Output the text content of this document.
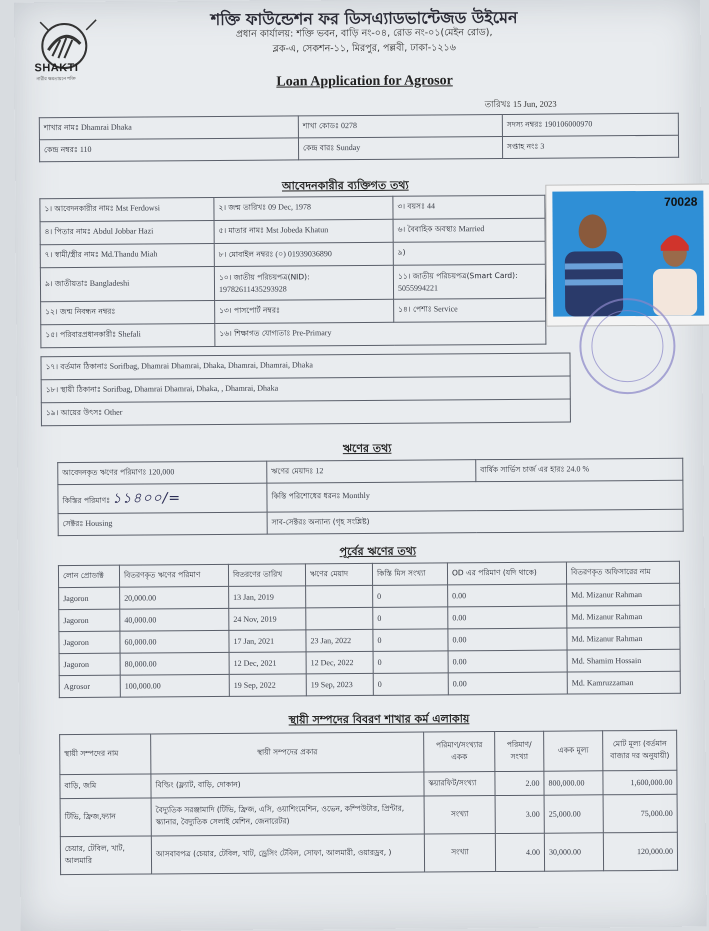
SHAKTI
নারীর ক্ষমতায়নে শক্তি
শক্তি ফাউন্ডেশন ফর ডিসএ্যাডভান্টেজড উইমেন
প্রধান কার্যালয়: শক্তি ভবন, বাড়ি নং-০৪, রোড নং-০১(মেইন রোড),
ব্লক-এ, সেকশন-১১, মিরপুর, পল্লবী, ঢাকা-১২১৬
Loan Application for Agrosor
তারিখঃ 15 Jun, 2023
শাখার নামঃ Dhamrai Dhaka	শাখা কোডঃ 0278	সদস্য নম্বরঃ 190106000970
কেন্দ্র নম্বরঃ 110	কেন্দ্র বারঃ Sunday	সপ্তাহ নংঃ 3
আবেদনকারীর ব্যক্তিগত তথ্য
১। আবেদনকারীর নামঃ Mst Ferdowsi	২। জন্ম তারিখঃ 09 Dec, 1978	৩। বয়সঃ 44
৪। পিতার নামঃ Abdul Jobbar Hazi	৫। মাতার নামঃ Mst Jobeda Khatun	৬। বৈবাহিক অবস্থাঃ Married
৭। স্বামী/স্ত্রীর নামঃ Md.Thandu Miah	৮। মোবাইল নম্বরঃ (০) 01939036890	৯)
৯। জাতীয়তাঃ Bangladeshi	১০। জাতীয় পরিচয়পত্র(NID):
19782611435293928	১১। জাতীয় পরিচয়পত্র(Smart Card):
5055994221
১২। জন্ম নিবন্ধন নম্বরঃ	১৩। পাসপোর্ট নম্বরঃ	১৪। পেশাঃ Service
১৫। পরিবারপ্রধানকারীঃ Shefali	১৬। শিক্ষাগত যোগ্যতাঃ Pre-Primary	
১৭। বর্তমান ঠিকানাঃ Sorifbag, Dhamrai Dhamrai, Dhaka, Dhamrai, Dhamrai, Dhaka
১৮। স্থায়ী ঠিকানাঃ Sorifbag, Dhamrai Dhamrai, Dhaka, , Dhamrai, Dhaka
১৯। আয়ের উৎসঃ Other
70028
ঋণের তথ্য
আবেদনকৃত ঋণের পরিমাণঃ 120,000	ঋণের মেয়াদঃ 12	বার্ষিক সার্ভিস চার্জ এর হারঃ 24.0 %
কিস্তির পরিমাণঃ ১১৪০০/=	কিস্তি পরিশোধের ধরনঃ Monthly	
সেক্টরঃ Housing	সাব-সেক্টরঃ অন্যান্য (গৃহ সংশ্লিষ্ট)	
পূর্বের ঋণের তথ্য
লোন প্রোডাক্ট	বিতরণকৃত ঋণের পরিমাণ	বিতরণের তারিখ	ঋণের মেয়াদ	কিস্তি মিস সংখ্যা	OD এর পরিমাণ (যদি থাকে)	বিতরণকৃত অফিসারের নাম
Jagoron	20,000.00	13 Jan, 2019		0	0.00	Md. Mizanur Rahman
Jagoron	40,000.00	24 Nov, 2019		0	0.00	Md. Mizanur Rahman
Jagoron	60,000.00	17 Jan, 2021	23 Jan, 2022	0	0.00	Md. Mizanur Rahman
Jagoron	80,000.00	12 Dec, 2021	12 Dec, 2022	0	0.00	Md. Shamim Hossain
Agrosor	100,000.00	19 Sep, 2022	19 Sep, 2023	0	0.00	Md. Kamruzzaman
স্থায়ী সম্পদের বিবরণ শাখার কর্ম এলাকায়
স্থায়ী সম্পদের নাম	স্থায়ী সম্পদের প্রকার	পরিমাণ/সংখ্যার একক	পরিমাণ/ সংখ্যা	একক মূল্য	মোট মূল্য (বর্তমান বাজার দর অনুযায়ী)
বাড়ি, জমি	বিল্ডিং (ফ্ল্যাট, বাড়ি, দোকান)	স্কয়ারফিট/সংখ্যা	2.00	800,000.00	1,600,000.00
টিভি, ফ্রিজ,ফ্যান	বৈদ্যুতিক সরঞ্জামাদি (টিভি, ফ্রিজ, এসি, ওয়াশিংমেশিন, ওভেন, কম্পিউটার, প্রিন্টার, স্ক্যানার, বৈদ্যুতিক সেলাই মেশিন, জেনারেটর)	সংখ্যা	3.00	25,000.00	75,000.00
চেয়ার, টেবিল, খাট, আলমারি	আসবাবপত্র (চেয়ার, টেবিল, খাট, ড্রেসিং টেবিল, সোফা, আলমারী, ওয়ারড্রব, )	সংখ্যা	4.00	30,000.00	120,000.00
